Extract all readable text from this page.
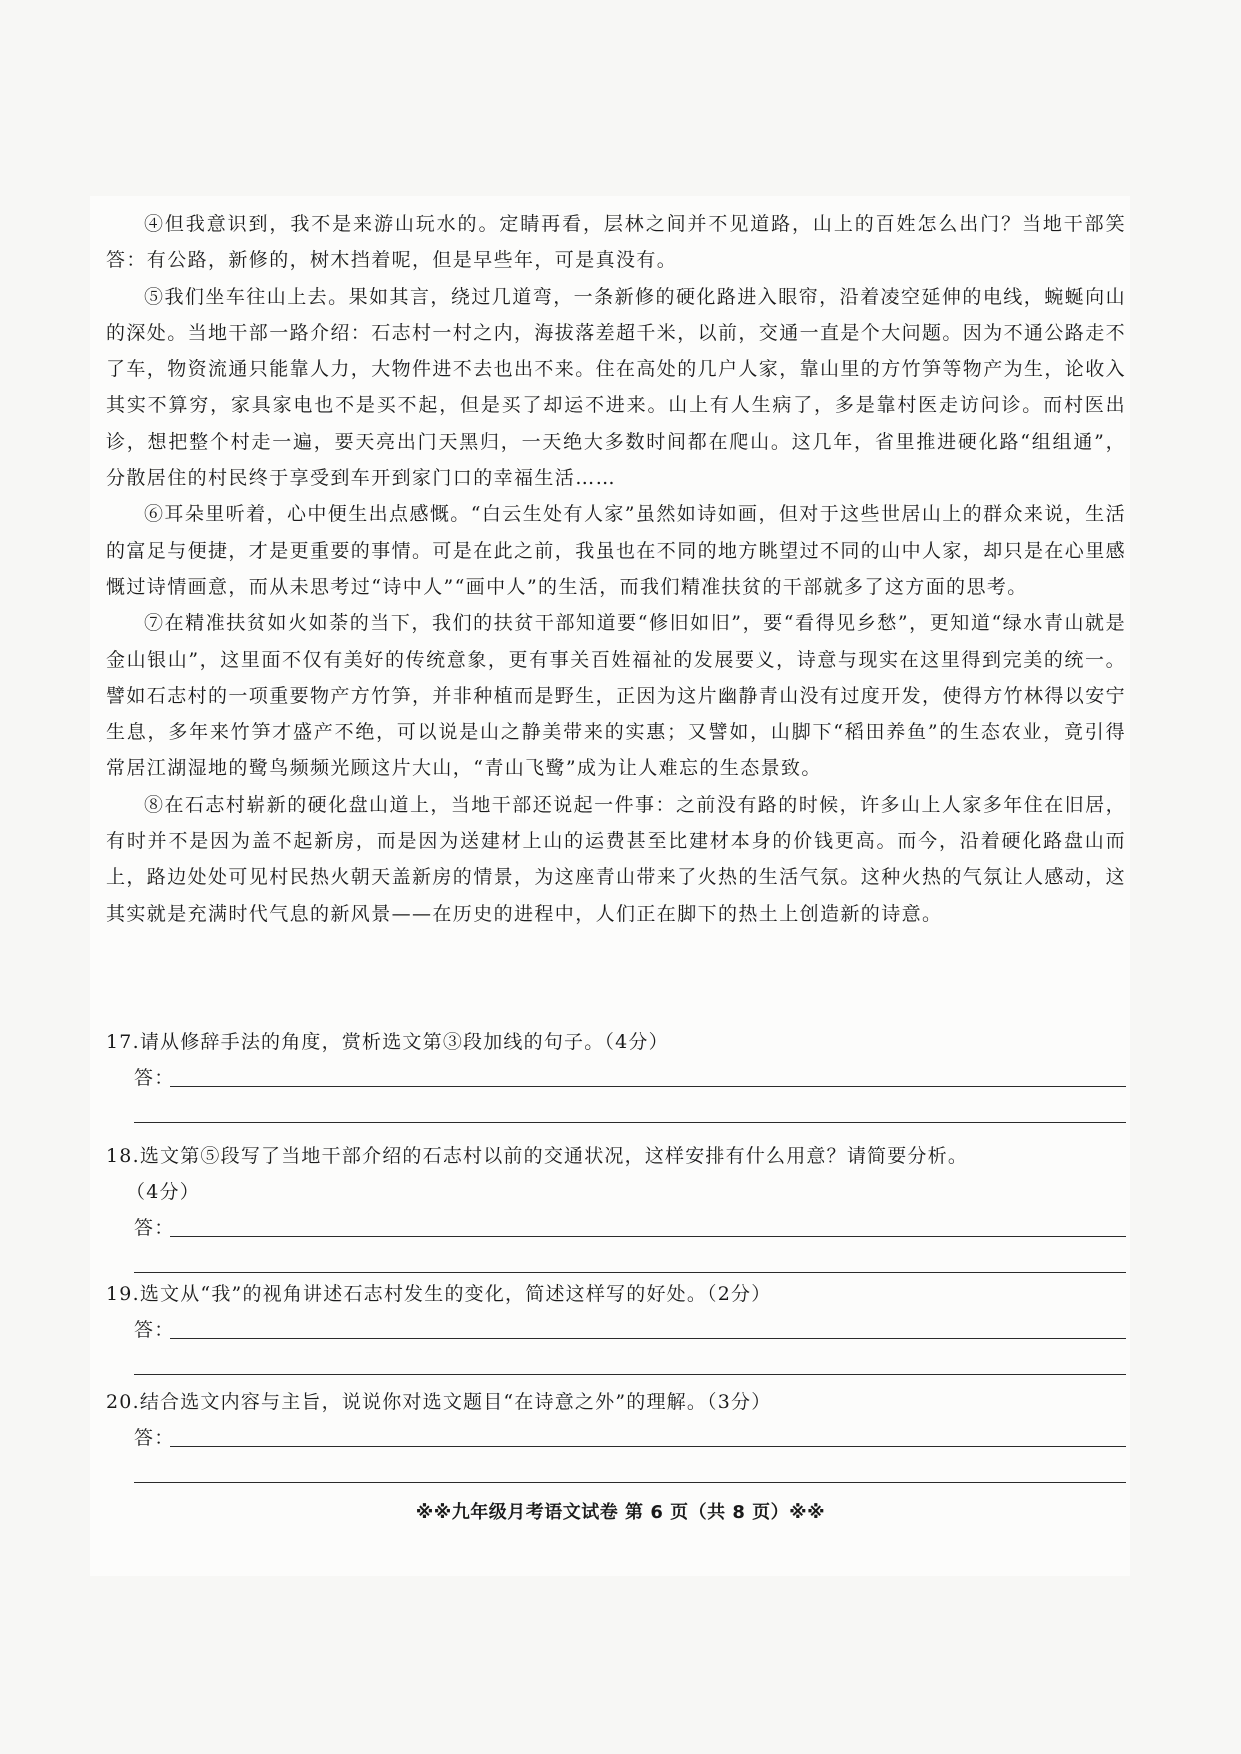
④但我意识到，我不是来游山玩水的。定睛再看，层林之间并不见道路，山上的百姓怎么出门？当地干部笑答：有公路，新修的，树木挡着呢，但是早些年，可是真没有。

⑤我们坐车往山上去。果如其言，绕过几道弯，一条新修的硬化路进入眼帘，沿着凌空延伸的电线，蜿蜒向山的深处。当地干部一路介绍：石志村一村之内，海拔落差超千米，以前，交通一直是个大问题。因为不通公路走不了车，物资流通只能靠人力，大物件进不去也出不来。住在高处的几户人家，靠山里的方竹笋等物产为生，论收入其实不算穷，家具家电也不是买不起，但是买了却运不进来。山上有人生病了，多是靠村医走访问诊。而村医出诊，想把整个村走一遍，要天亮出门天黑归，一天绝大多数时间都在爬山。这几年，省里推进硬化路“组组通”，分散居住的村民终于享受到车开到家门口的幸福生活……

⑥耳朵里听着，心中便生出点感慨。“白云生处有人家”虽然如诗如画，但对于这些世居山上的群众来说，生活的富足与便捷，才是更重要的事情。可是在此之前，我虽也在不同的地方眺望过不同的山中人家，却只是在心里感慨过诗情画意，而从未思考过“诗中人”“画中人”的生活，而我们精准扶贫的干部就多了这方面的思考。

⑦在精准扶贫如火如荼的当下，我们的扶贫干部知道要“修旧如旧”，要“看得见乡愁”，更知道“绿水青山就是金山银山”，这里面不仅有美好的传统意象，更有事关百姓福祉的发展要义，诗意与现实在这里得到完美的统一。譬如石志村的一项重要物产方竹笋，并非种植而是野生，正因为这片幽静青山没有过度开发，使得方竹林得以安宁生息，多年来竹笋才盛产不绝，可以说是山之静美带来的实惠；又譬如，山脚下“稻田养鱼”的生态农业，竟引得常居江湖湿地的鹭鸟频频光顾这片大山，“青山飞鹭”成为让人难忘的生态景致。

⑧在石志村崭新的硬化盘山道上，当地干部还说起一件事：之前没有路的时候，许多山上人家多年住在旧居，有时并不是因为盖不起新房，而是因为送建材上山的运费甚至比建材本身的价钱更高。而今，沿着硬化路盘山而上，路边处处可见村民热火朝天盖新房的情景，为这座青山带来了火热的生活气氛。这种火热的气氛让人感动，这其实就是充满时代气息的新风景——在历史的进程中，人们正在脚下的热土上创造新的诗意。

17.请从修辞手法的角度，赏析选文第③段加线的句子。（4分）

答：

18.选文第⑤段写了当地干部介绍的石志村以前的交通状况，这样安排有什么用意？请简要分析。

（4分）

答：

19.选文从“我”的视角讲述石志村发生的变化，简述这样写的好处。（2分）

答：

20.结合选文内容与主旨，说说你对选文题目“在诗意之外”的理解。（3分）

答：
※※九年级月考语文试卷 第 6 页（共 8 页）※※
